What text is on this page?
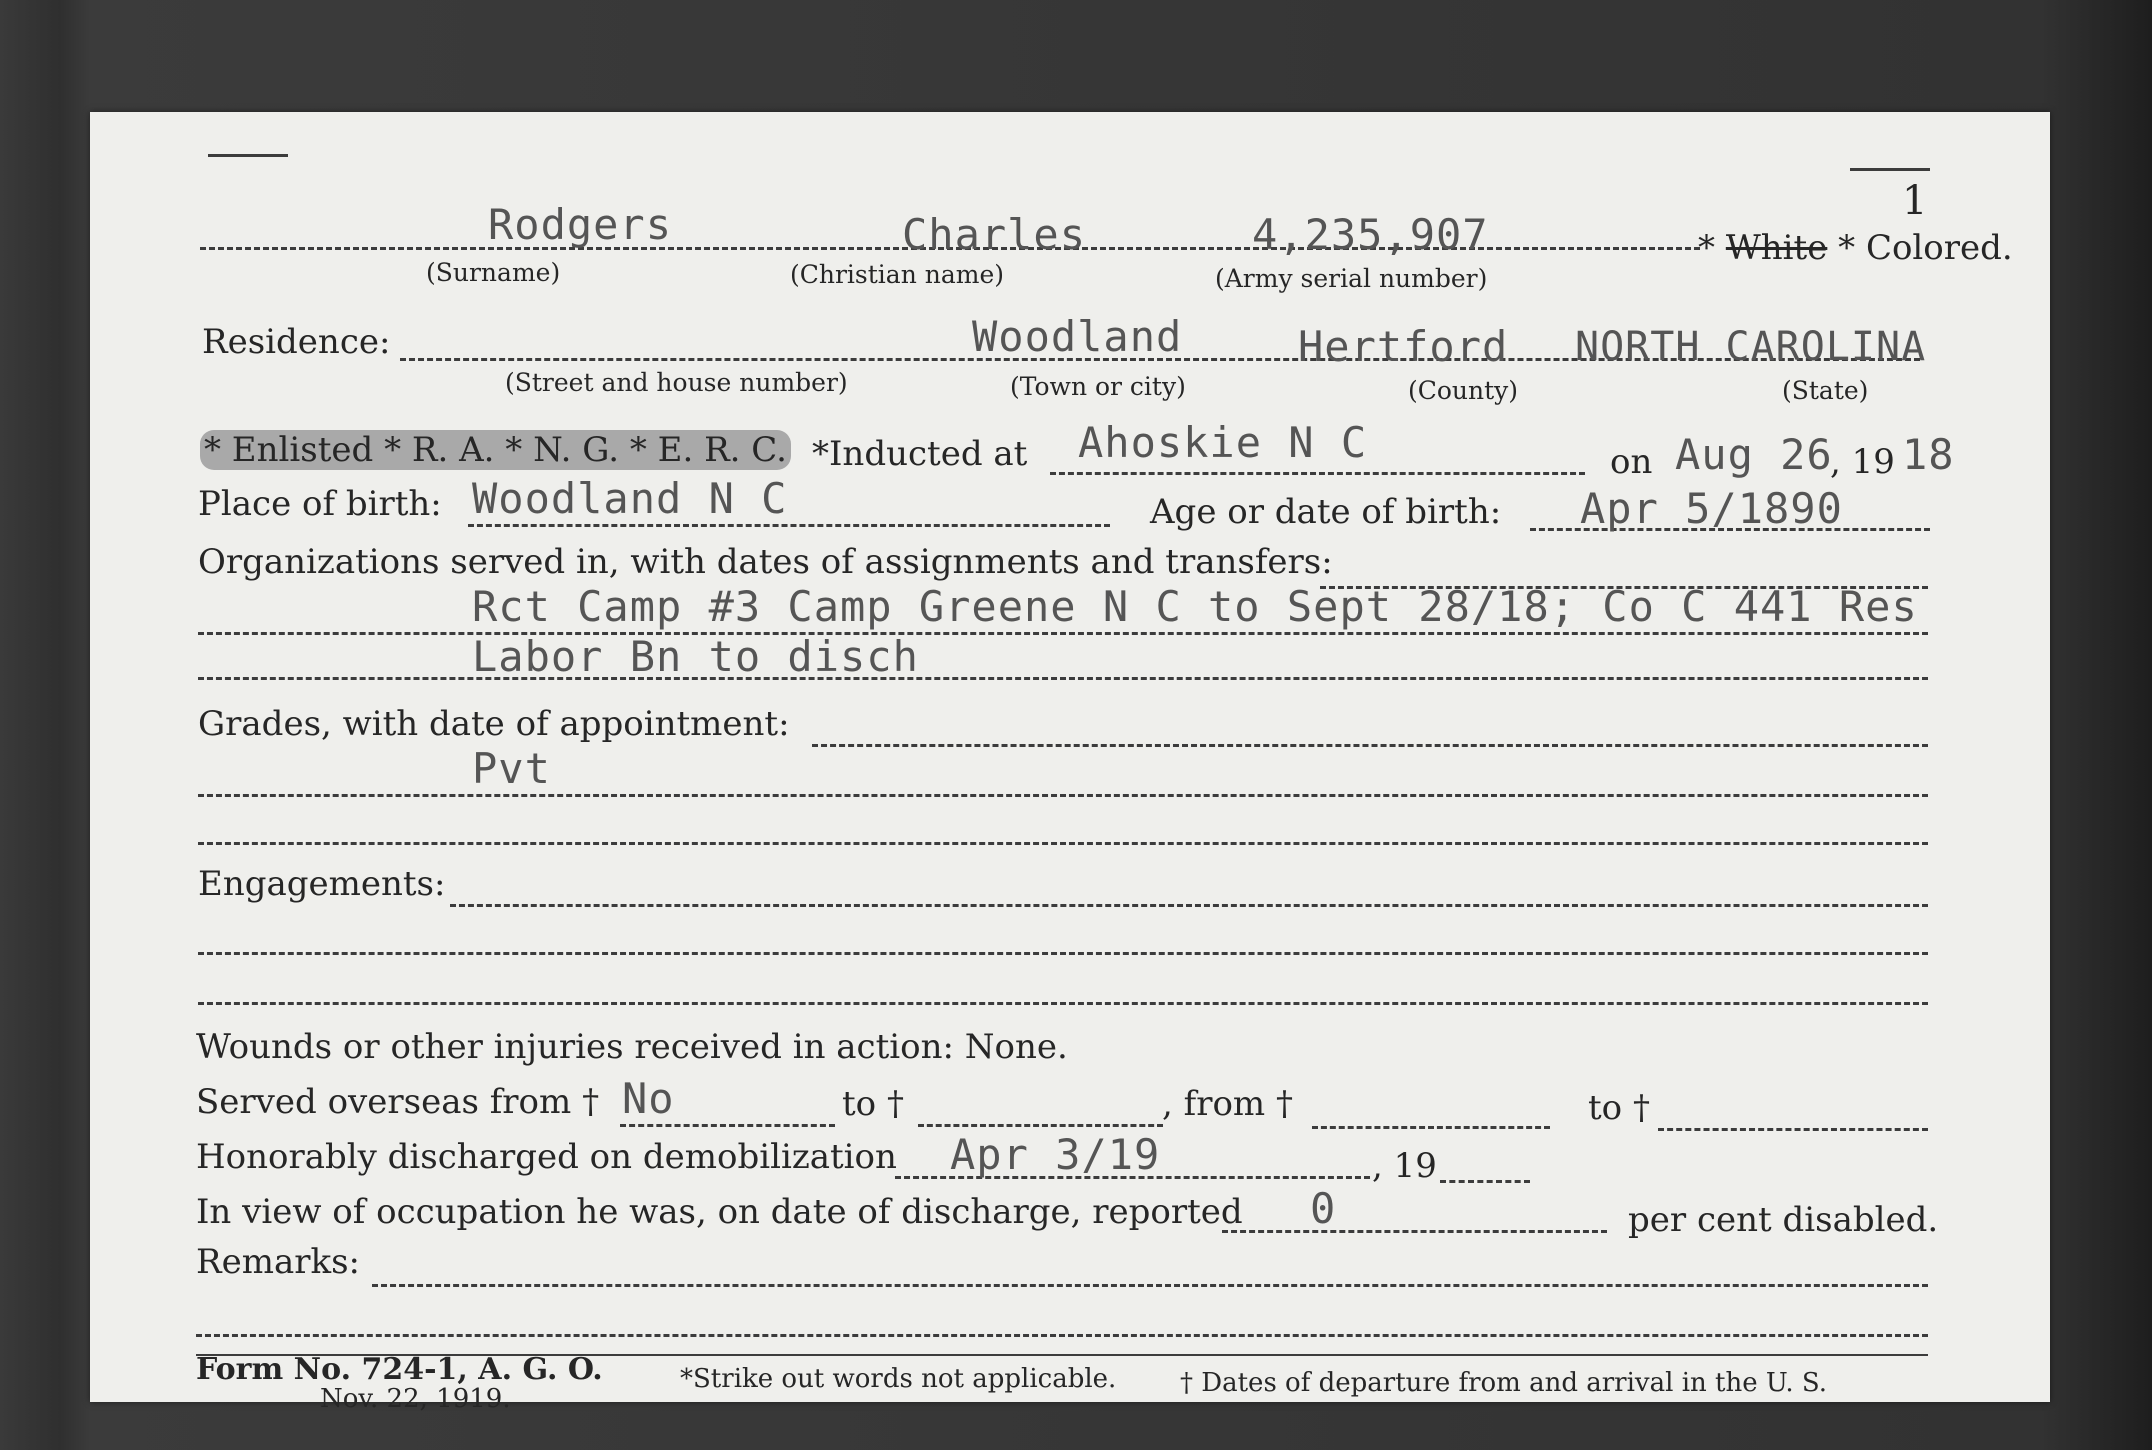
1
Rodgers
(Surname)
Charles
(Christian name)
4,235,907
(Army serial number)
* White * Colored.
Residence:
(Street and house number)
Woodland
(Town or city)
Hertford
(County)
NORTH CAROLINA
(State)
* Enlisted * R. A. * N. G. * E. R. C. *Inducted at Ahoskie N C	on Aug 26
, 19 18
Place of birth: Woodland N C	Age or date of birth: Apr 5/1890
Organizations served in, with dates of assignments and transfers:
Rct Camp #3 Camp Greene N C to Sept 28/18; Co C 441 Res
Labor Bn to disch
Grades, with date of appointment:
Pvt
Engagements:
Wounds or other injuries received in action: None.
Served overseas from † No	to †	, from †	to †
Honorably discharged on demobilization Apr 3/19	, 19
In view of occupation he was, on date of discharge, reported 0	per cent disabled.
Remarks:
Form No. 724-1, A. G. O.
Nov. 22, 1919.
*Strike out words not applicable. † Dates of departure from and arrival in the U. S.
